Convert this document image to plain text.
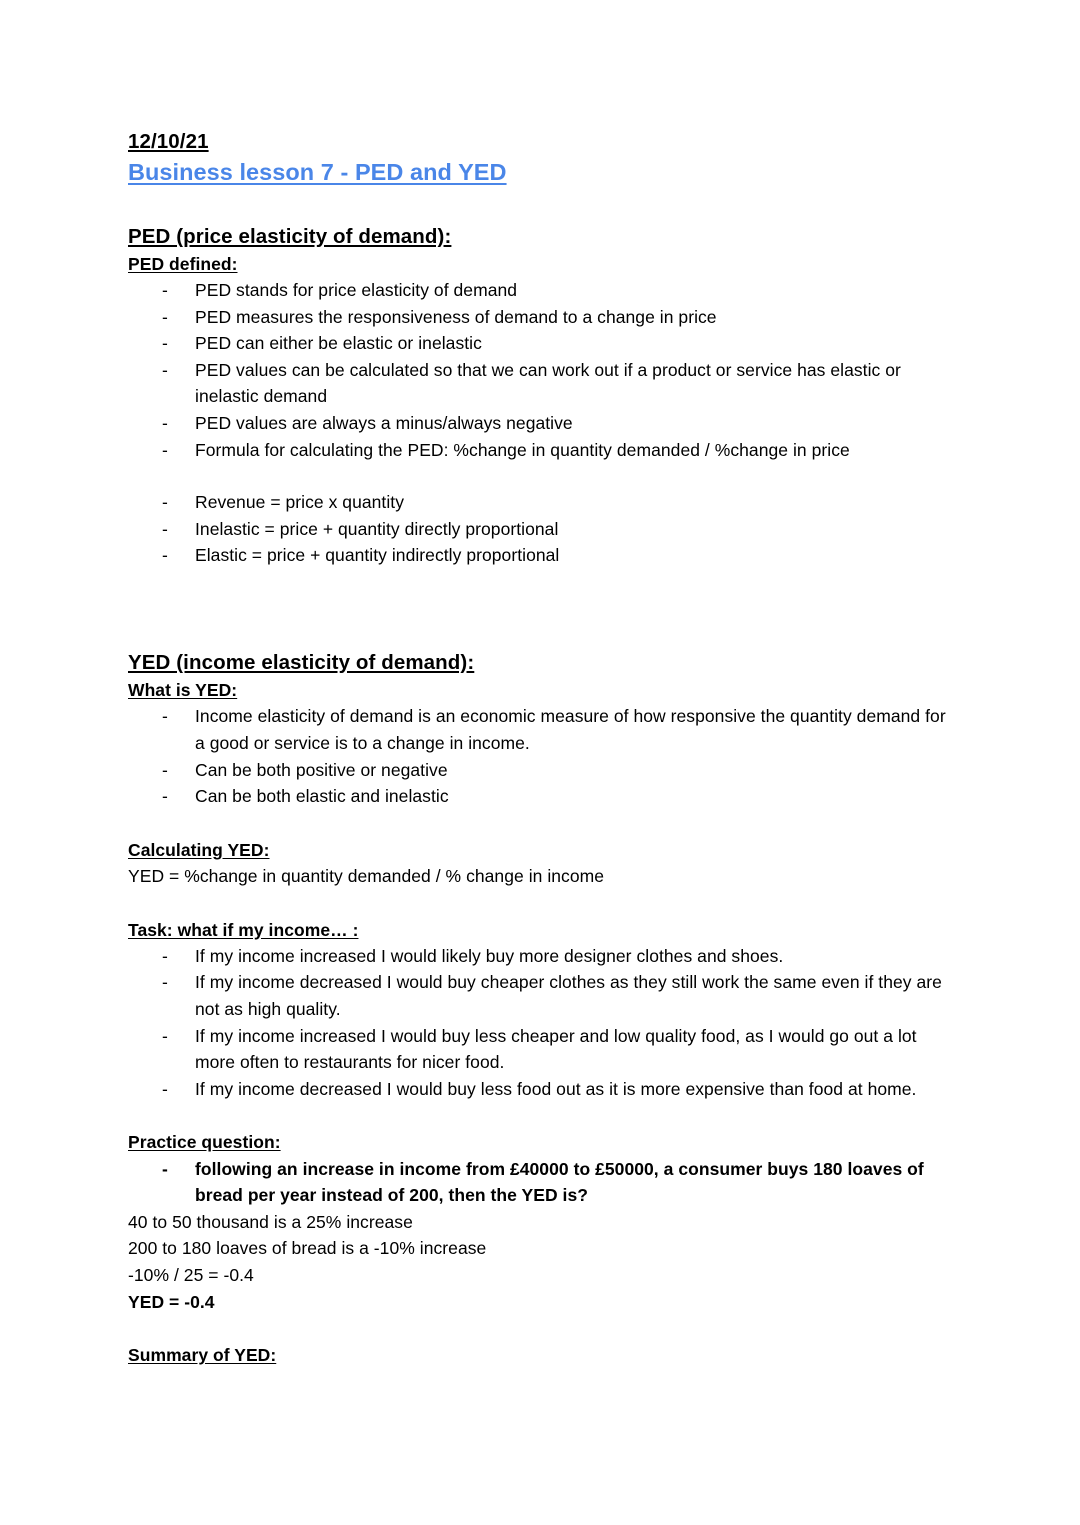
12/10/21
Business lesson 7 - PED and YED
PED (price elasticity of demand):
PED defined:
- PED stands for price elasticity of demand
- PED measures the responsiveness of demand to a change in price
- PED can either be elastic or inelastic
- PED values can be calculated so that we can work out if a product or service has elastic or inelastic demand
- PED values are always a minus/always negative
- Formula for calculating the PED: %change in quantity demanded / %change in price
- Revenue = price x quantity
- Inelastic = price + quantity directly proportional
- Elastic = price + quantity indirectly proportional
YED (income elasticity of demand):
What is YED:
- Income elasticity of demand is an economic measure of how responsive the quantity demand for a good or service is to a change in income.
- Can be both positive or negative
- Can be both elastic and inelastic
Calculating YED:

YED = %change in quantity demanded / % change in income

Task: what if my income… :
- If my income increased I would likely buy more designer clothes and shoes.
- If my income decreased I would buy cheaper clothes as they still work the same even if they are not as high quality.
- If my income increased I would buy less cheaper and low quality food, as I would go out a lot more often to restaurants for nicer food.
- If my income decreased I would buy less food out as it is more expensive than food at home.
Practice question:
- following an increase in income from £40000 to £50000, a consumer buys 180 loaves of bread per year instead of 200, then the YED is?

40 to 50 thousand is a 25% increase

200 to 180 loaves of bread is a -10% increase

-10% / 25 = -0.4

YED = -0.4

Summary of YED:
